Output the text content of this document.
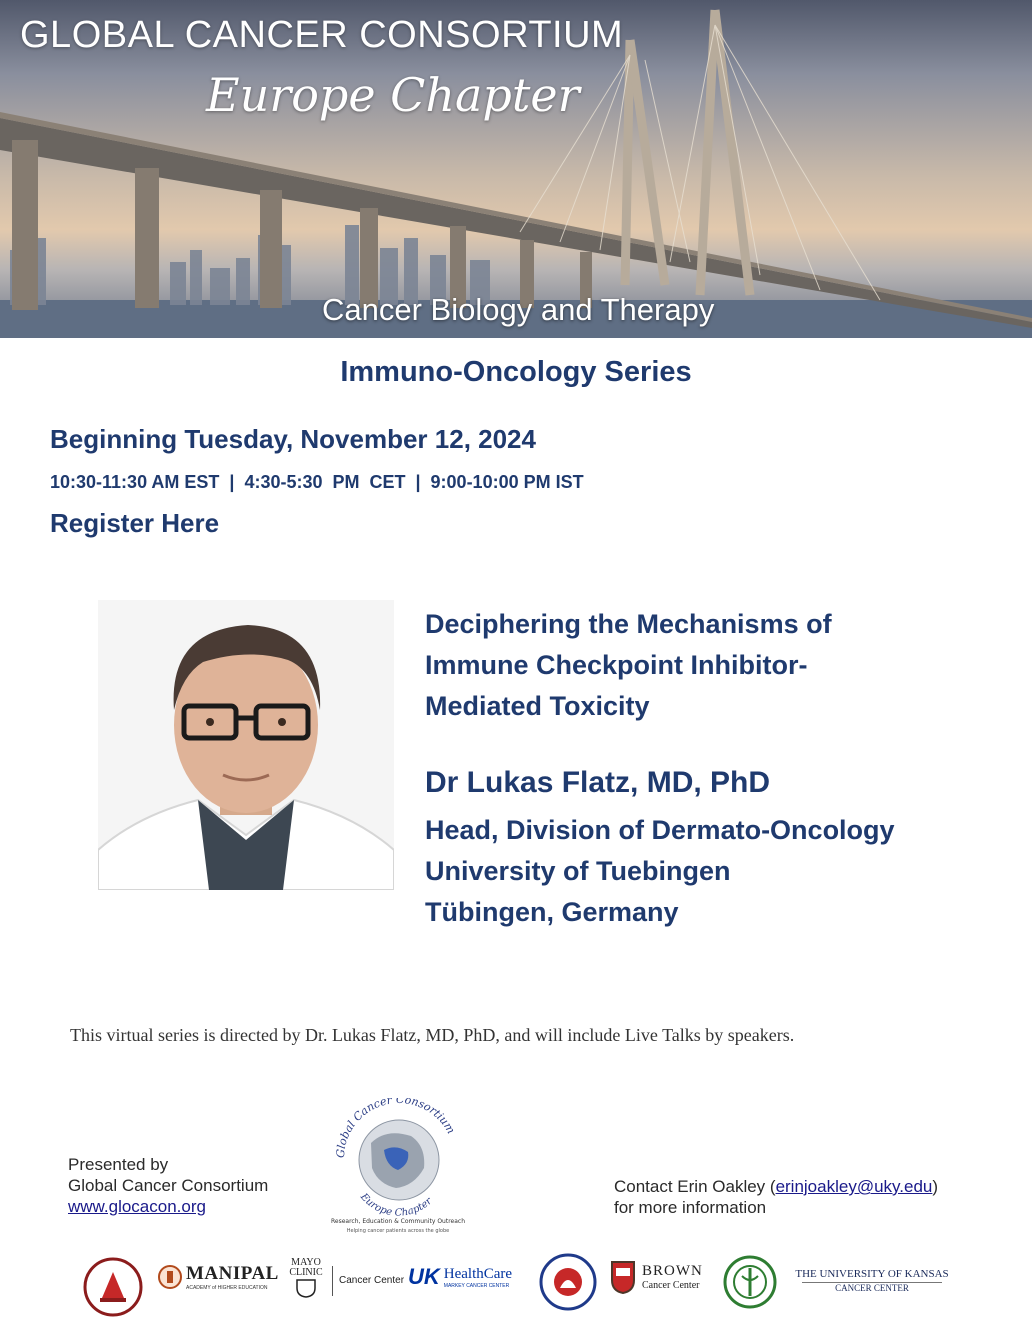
GLOBAL CANCER CONSORTIUM
Europe Chapter
Cancer Biology and Therapy
Immuno-Oncology Series
Beginning Tuesday, November 12, 2024
10:30-11:30 AM EST  |  4:30-5:30  PM  CET  |  9:00-10:00 PM IST
Register Here
Deciphering the Mechanisms of
Immune Checkpoint Inhibitor-
Mediated Toxicity
Dr Lukas Flatz, MD, PhD
Head, Division of Dermato-Oncology
University of Tuebingen
Tübingen, Germany
This virtual series is directed by Dr. Lukas Flatz, MD, PhD, and will include Live Talks by speakers.
Presented by
Global Cancer Consortium
www.glocacon.org
Global Cancer Consortium
Europe Chapter
Research, Education & Community Outreach
Helping cancer patients across the globe
Contact Erin Oakley (erinjoakley@uky.edu)
for more information
MANIPAL
ACADEMY of HIGHER EDUCATION
MAYO CLINIC
Cancer Center UK HealthCare
MARKEY CANCER CENTER
BROWN
Cancer Center
THE UNIVERSITY OF KANSAS
CANCER CENTER
